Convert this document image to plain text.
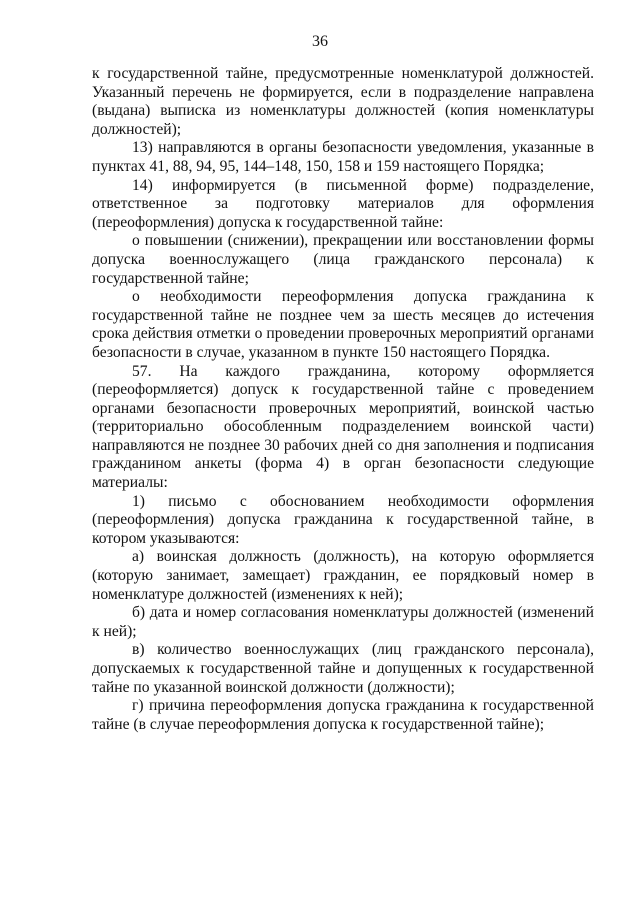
36

к государственной тайне, предусмотренные номенклатурой должностей. Указанный перечень не формируется, если в подразделение направлена (выдана) выписка из номенклатуры должностей (копия номенклатуры должностей);

13) направляются в органы безопасности уведомления, указанные в пунктах 41, 88, 94, 95, 144–148, 150, 158 и 159 настоящего Порядка;

14) информируется (в письменной форме) подразделение, ответственное за подготовку материалов для оформления (переоформления) допуска к государственной тайне:

о повышении (снижении), прекращении или восстановлении формы допуска военнослужащего (лица гражданского персонала) к государственной тайне;

о необходимости переоформления допуска гражданина к государственной тайне не позднее чем за шесть месяцев до истечения срока действия отметки о проведении проверочных мероприятий органами безопасности в случае, указанном в пункте 150 настоящего Порядка.

57. На каждого гражданина, которому оформляется (переоформляется) допуск к государственной тайне с проведением органами безопасности проверочных мероприятий, воинской частью (территориально обособленным подразделением воинской части) направляются не позднее 30 рабочих дней со дня заполнения и подписания гражданином анкеты (форма 4) в орган безопасности следующие материалы:

1) письмо с обоснованием необходимости оформления (переоформления) допуска гражданина к государственной тайне, в котором указываются:

а) воинская должность (должность), на которую оформляется (которую занимает, замещает) гражданин, ее порядковый номер в номенклатуре должностей (изменениях к ней);

б) дата и номер согласования номенклатуры должностей (изменений к ней);

в) количество военнослужащих (лиц гражданского персонала), допускаемых к государственной тайне и допущенных к государственной тайне по указанной воинской должности (должности);

г) причина переоформления допуска гражданина к государственной тайне (в случае переоформления допуска к государственной тайне);
